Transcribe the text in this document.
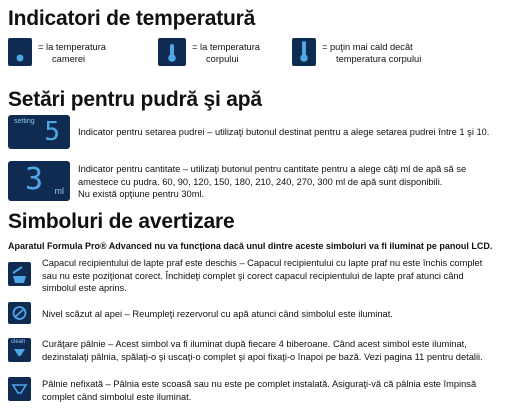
Indicatori de temperatură
= la temperatura
camerei
= la temperatura
corpului
= puţin mai cald decât
temperatura corpului
Setări pentru pudră şi apă
setting 5 Indicator pentru setarea pudrei – utilizaţi butonul destinat pentru a alege setarea pudrei între 1 şi 10.
3 ml
Indicator pentru cantitate – utilizaţi butonul pentru cantitate pentru a alege câţi ml de apă să se
amestece cu pudra. 60, 90, 120, 150, 180, 210, 240, 270, 300 ml de apă sunt disponibili.
Nu există opţiune pentru 30ml.
Simboluri de avertizare
Aparatul Formula Pro® Advanced nu va funcţiona dacă unul dintre aceste simboluri va fi iluminat pe panoul LCD.
Capacul recipientului de lapte praf este deschis – Capacul recipientului cu lapte praf nu este închis complet
sau nu este poziţionat corect. Închideţi complet şi corect capacul recipientului de lapte praf atunci când
simbolul este aprins.
Nivel scăzut al apei – Reumpleţi rezervorul cu apă atunci când simbolul este iluminat.
clean Curăţare pâlnie – Acest simbol va fi iluminat după fiecare 4 biberoane. Când acest simbol este iluminat,
dezinstalaţi pâlnia, spălaţi-o şi uscaţi-o complet şi apoi fixaţi-o înapoi pe bază. Vezi pagina 11 pentru detalii.
Pâlnie nefixată – Pâlnia este scoasă sau nu este pe complet instalată. Asiguraţi-vă că pâlnia este împinsă
complet când simbolul este iluminat.
